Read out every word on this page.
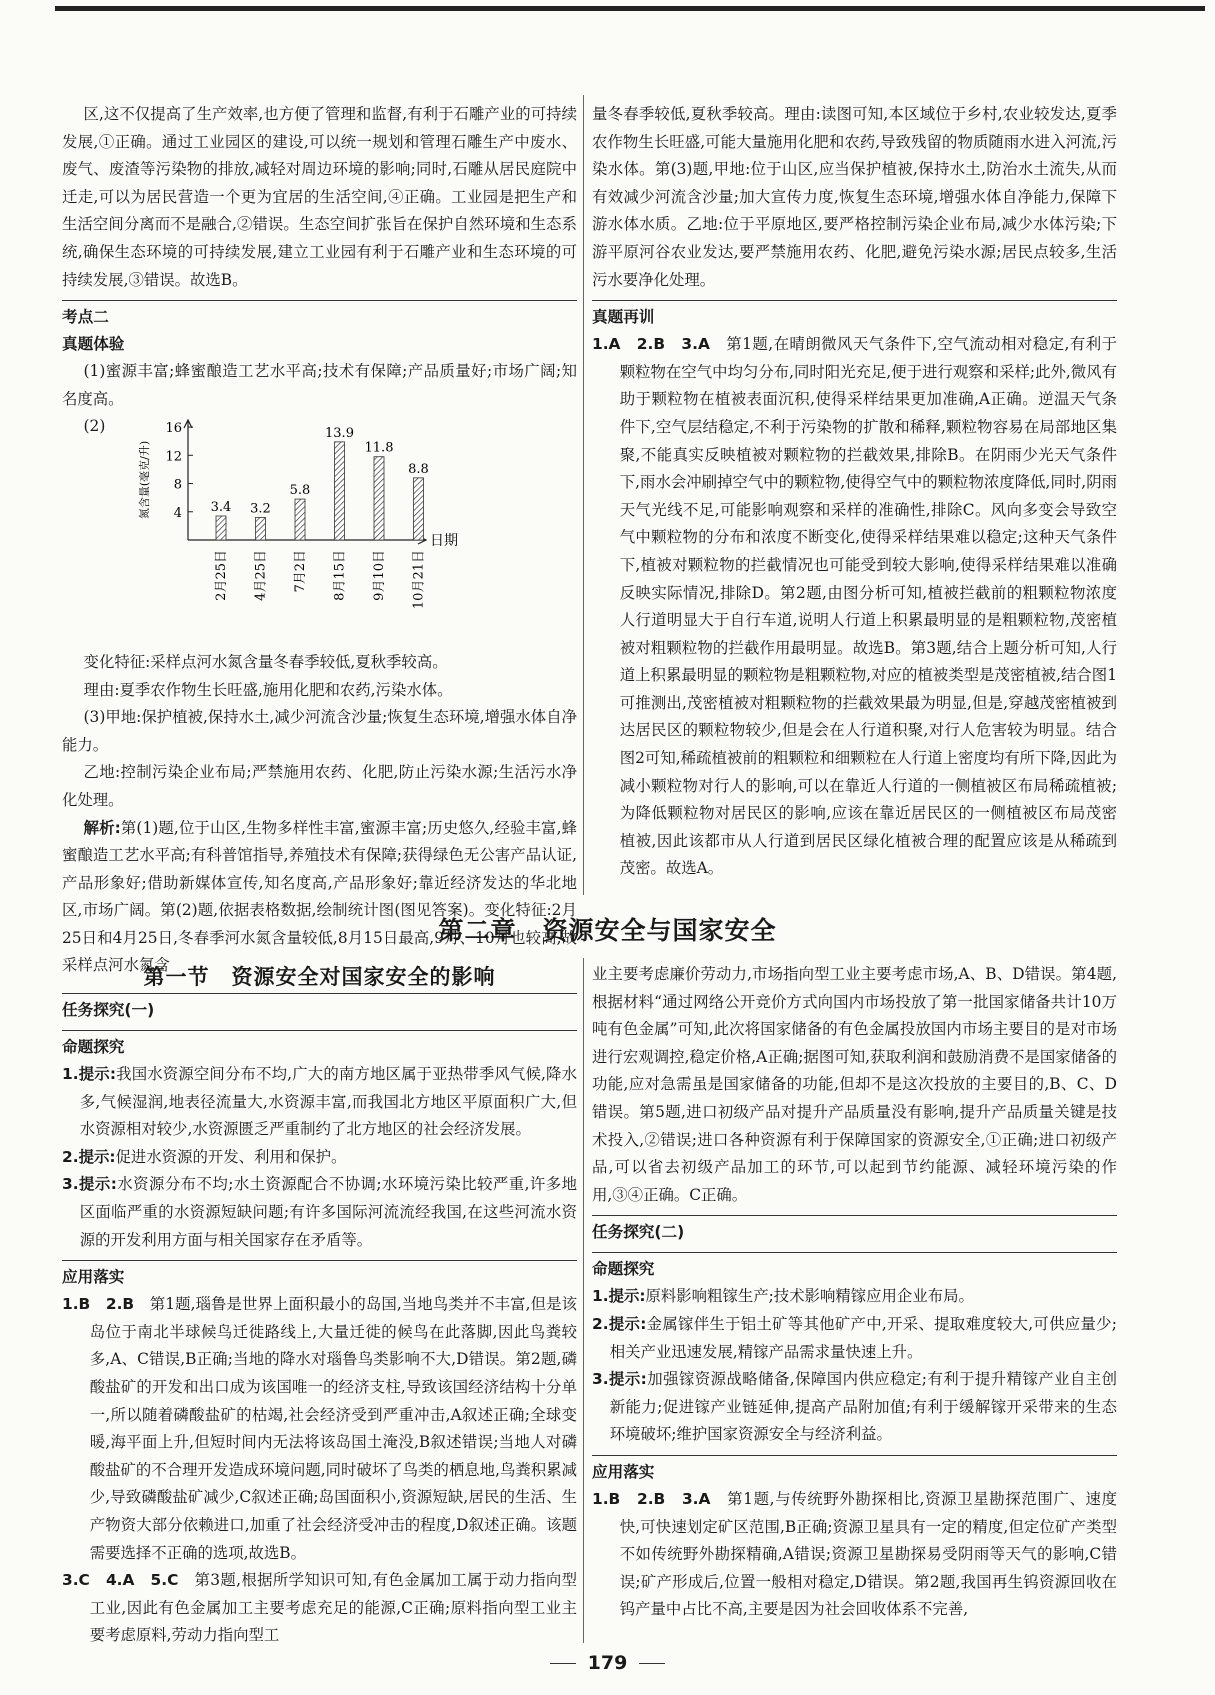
区,这不仅提高了生产效率,也方便了管理和监督,有利于石雕产业的可持续发展,①正确。通过工业园区的建设,可以统一规划和管理石雕生产中废水、废气、废渣等污染物的排放,减轻对周边环境的影响;同时,石雕从居民庭院中迁走,可以为居民营造一个更为宜居的生活空间,④正确。工业园是把生产和生活空间分离而不是融合,②错误。生态空间扩张旨在保护自然环境和生态系统,确保生态环境的可持续发展,建立工业园有利于石雕产业和生态环境的可持续发展,③错误。故选B。

考点二

真题体验

(1)蜜源丰富;蜂蜜酿造工艺水平高;技术有保障;产品质量好;市场广阔;知名度高。

(2)

变化特征:采样点河水氮含量冬春季较低,夏秋季较高。

理由:夏季农作物生长旺盛,施用化肥和农药,污染水体。

(3)甲地:保护植被,保持水土,减少河流含沙量;恢复生态环境,增强水体自净能力。

乙地:控制污染企业布局;严禁施用农药、化肥,防止污染水源;生活污水净化处理。

解析:第(1)题,位于山区,生物多样性丰富,蜜源丰富;历史悠久,经验丰富,蜂蜜酿造工艺水平高;有科普馆指导,养殖技术有保障;获得绿色无公害产品认证,产品形象好;借助新媒体宣传,知名度高,产品形象好;靠近经济发达的华北地区,市场广阔。第(2)题,依据表格数据,绘制统计图(图见答案)。变化特征:2月25日和4月25日,冬春季河水氮含量较低,8月15日最高,9月、10月也较高,故采样点河水氮含

4
8
12
16
氮含量(毫克/升)
日期
3.4
2月25日
3.2
4月25日
5.8
7月2日
13.9
8月15日
11.8
9月10日
8.8
10月21日

量冬春季较低,夏秋季较高。理由:读图可知,本区域位于乡村,农业较发达,夏季农作物生长旺盛,可能大量施用化肥和农药,导致残留的物质随雨水进入河流,污染水体。第(3)题,甲地:位于山区,应当保护植被,保持水土,防治水土流失,从而有效减少河流含沙量;加大宣传力度,恢复生态环境,增强水体自净能力,保障下游水体水质。乙地:位于平原地区,要严格控制污染企业布局,减少水体污染;下游平原河谷农业发达,要严禁施用农药、化肥,避免污染水源;居民点较多,生活污水要净化处理。

真题再训

1.A　2.B　3.A　 第1题,在晴朗微风天气条件下,空气流动相对稳定,有利于颗粒物在空气中均匀分布,同时阳光充足,便于进行观察和采样;此外,微风有助于颗粒物在植被表面沉积,使得采样结果更加准确,A正确。逆温天气条件下,空气层结稳定,不利于污染物的扩散和稀释,颗粒物容易在局部地区集聚,不能真实反映植被对颗粒物的拦截效果,排除B。在阴雨少光天气条件下,雨水会冲刷掉空气中的颗粒物,使得空气中的颗粒物浓度降低,同时,阴雨天气光线不足,可能影响观察和采样的准确性,排除C。风向多变会导致空气中颗粒物的分布和浓度不断变化,使得采样结果难以稳定;这种天气条件下,植被对颗粒物的拦截情况也可能受到较大影响,使得采样结果难以准确反映实际情况,排除D。第2题,由图分析可知,植被拦截前的粗颗粒物浓度人行道明显大于自行车道,说明人行道上积累最明显的是粗颗粒物,茂密植被对粗颗粒物的拦截作用最明显。故选B。第3题,结合上题分析可知,人行道上积累最明显的颗粒物是粗颗粒物,对应的植被类型是茂密植被,结合图1可推测出,茂密植被对粗颗粒物的拦截效果最为明显,但是,穿越茂密植被到达居民区的颗粒物较少,但是会在人行道积聚,对行人危害较为明显。结合图2可知,稀疏植被前的粗颗粒和细颗粒在人行道上密度均有所下降,因此为减小颗粒物对行人的影响,可以在靠近人行道的一侧植被区布局稀疏植被;为降低颗粒物对居民区的影响,应该在靠近居民区的一侧植被区布局茂密植被,因此该都市从人行道到居民区绿化植被合理的配置应该是从稀疏到茂密。故选A。

第二章　资源安全与国家安全
第一节　资源安全对国家安全的影响

任务探究(一)

命题探究

1.提示:我国水资源空间分布不均,广大的南方地区属于亚热带季风气候,降水多,气候湿润,地表径流量大,水资源丰富,而我国北方地区平原面积广大,但水资源相对较少,水资源匮乏严重制约了北方地区的社会经济发展。

2.提示:促进水资源的开发、利用和保护。

3.提示:水资源分布不均;水土资源配合不协调;水环境污染比较严重,许多地区面临严重的水资源短缺问题;有许多国际河流流经我国,在这些河流水资源的开发利用方面与相关国家存在矛盾等。

应用落实

1.B　2.B　 第1题,瑙鲁是世界上面积最小的岛国,当地鸟类并不丰富,但是该岛位于南北半球候鸟迁徙路线上,大量迁徙的候鸟在此落脚,因此鸟粪较多,A、C错误,B正确;当地的降水对瑙鲁鸟类影响不大,D错误。第2题,磷酸盐矿的开发和出口成为该国唯一的经济支柱,导致该国经济结构十分单一,所以随着磷酸盐矿的枯竭,社会经济受到严重冲击,A叙述正确;全球变暖,海平面上升,但短时间内无法将该岛国土淹没,B叙述错误;当地人对磷酸盐矿的不合理开发造成环境问题,同时破坏了鸟类的栖息地,鸟粪积累减少,导致磷酸盐矿减少,C叙述正确;岛国面积小,资源短缺,居民的生活、生产物资大部分依赖进口,加重了社会经济受冲击的程度,D叙述正确。该题需要选择不正确的选项,故选B。

3.C　4.A　5.C　 第3题,根据所学知识可知,有色金属加工属于动力指向型工业,因此有色金属加工主要考虑充足的能源,C正确;原料指向型工业主要考虑原料,劳动力指向型工

业主要考虑廉价劳动力,市场指向型工业主要考虑市场,A、B、D错误。第4题,根据材料“通过网络公开竞价方式向国内市场投放了第一批国家储备共计10万吨有色金属”可知,此次将国家储备的有色金属投放国内市场主要目的是对市场进行宏观调控,稳定价格,A正确;据图可知,获取利润和鼓励消费不是国家储备的功能,应对急需虽是国家储备的功能,但却不是这次投放的主要目的,B、C、D错误。第5题,进口初级产品对提升产品质量没有影响,提升产品质量关键是技术投入,②错误;进口各种资源有利于保障国家的资源安全,①正确;进口初级产品,可以省去初级产品加工的环节,可以起到节约能源、减轻环境污染的作用,③④正确。C正确。

任务探究(二)

命题探究

1.提示:原料影响粗镓生产;技术影响精镓应用企业布局。

2.提示:金属镓伴生于铝土矿等其他矿产中,开采、提取难度较大,可供应量少;相关产业迅速发展,精镓产品需求量快速上升。

3.提示:加强镓资源战略储备,保障国内供应稳定;有利于提升精镓产业自主创新能力;促进镓产业链延伸,提高产品附加值;有利于缓解镓开采带来的生态环境破坏;维护国家资源安全与经济利益。

应用落实

1.B　2.B　3.A　 第1题,与传统野外勘探相比,资源卫星勘探范围广、速度快,可快速划定矿区范围,B正确;资源卫星具有一定的精度,但定位矿产类型不如传统野外勘探精确,A错误;资源卫星勘探易受阴雨等天气的影响,C错误;矿产形成后,位置一般相对稳定,D错误。第2题,我国再生钨资源回收在钨产量中占比不高,主要是因为社会回收体系不完善,

179
